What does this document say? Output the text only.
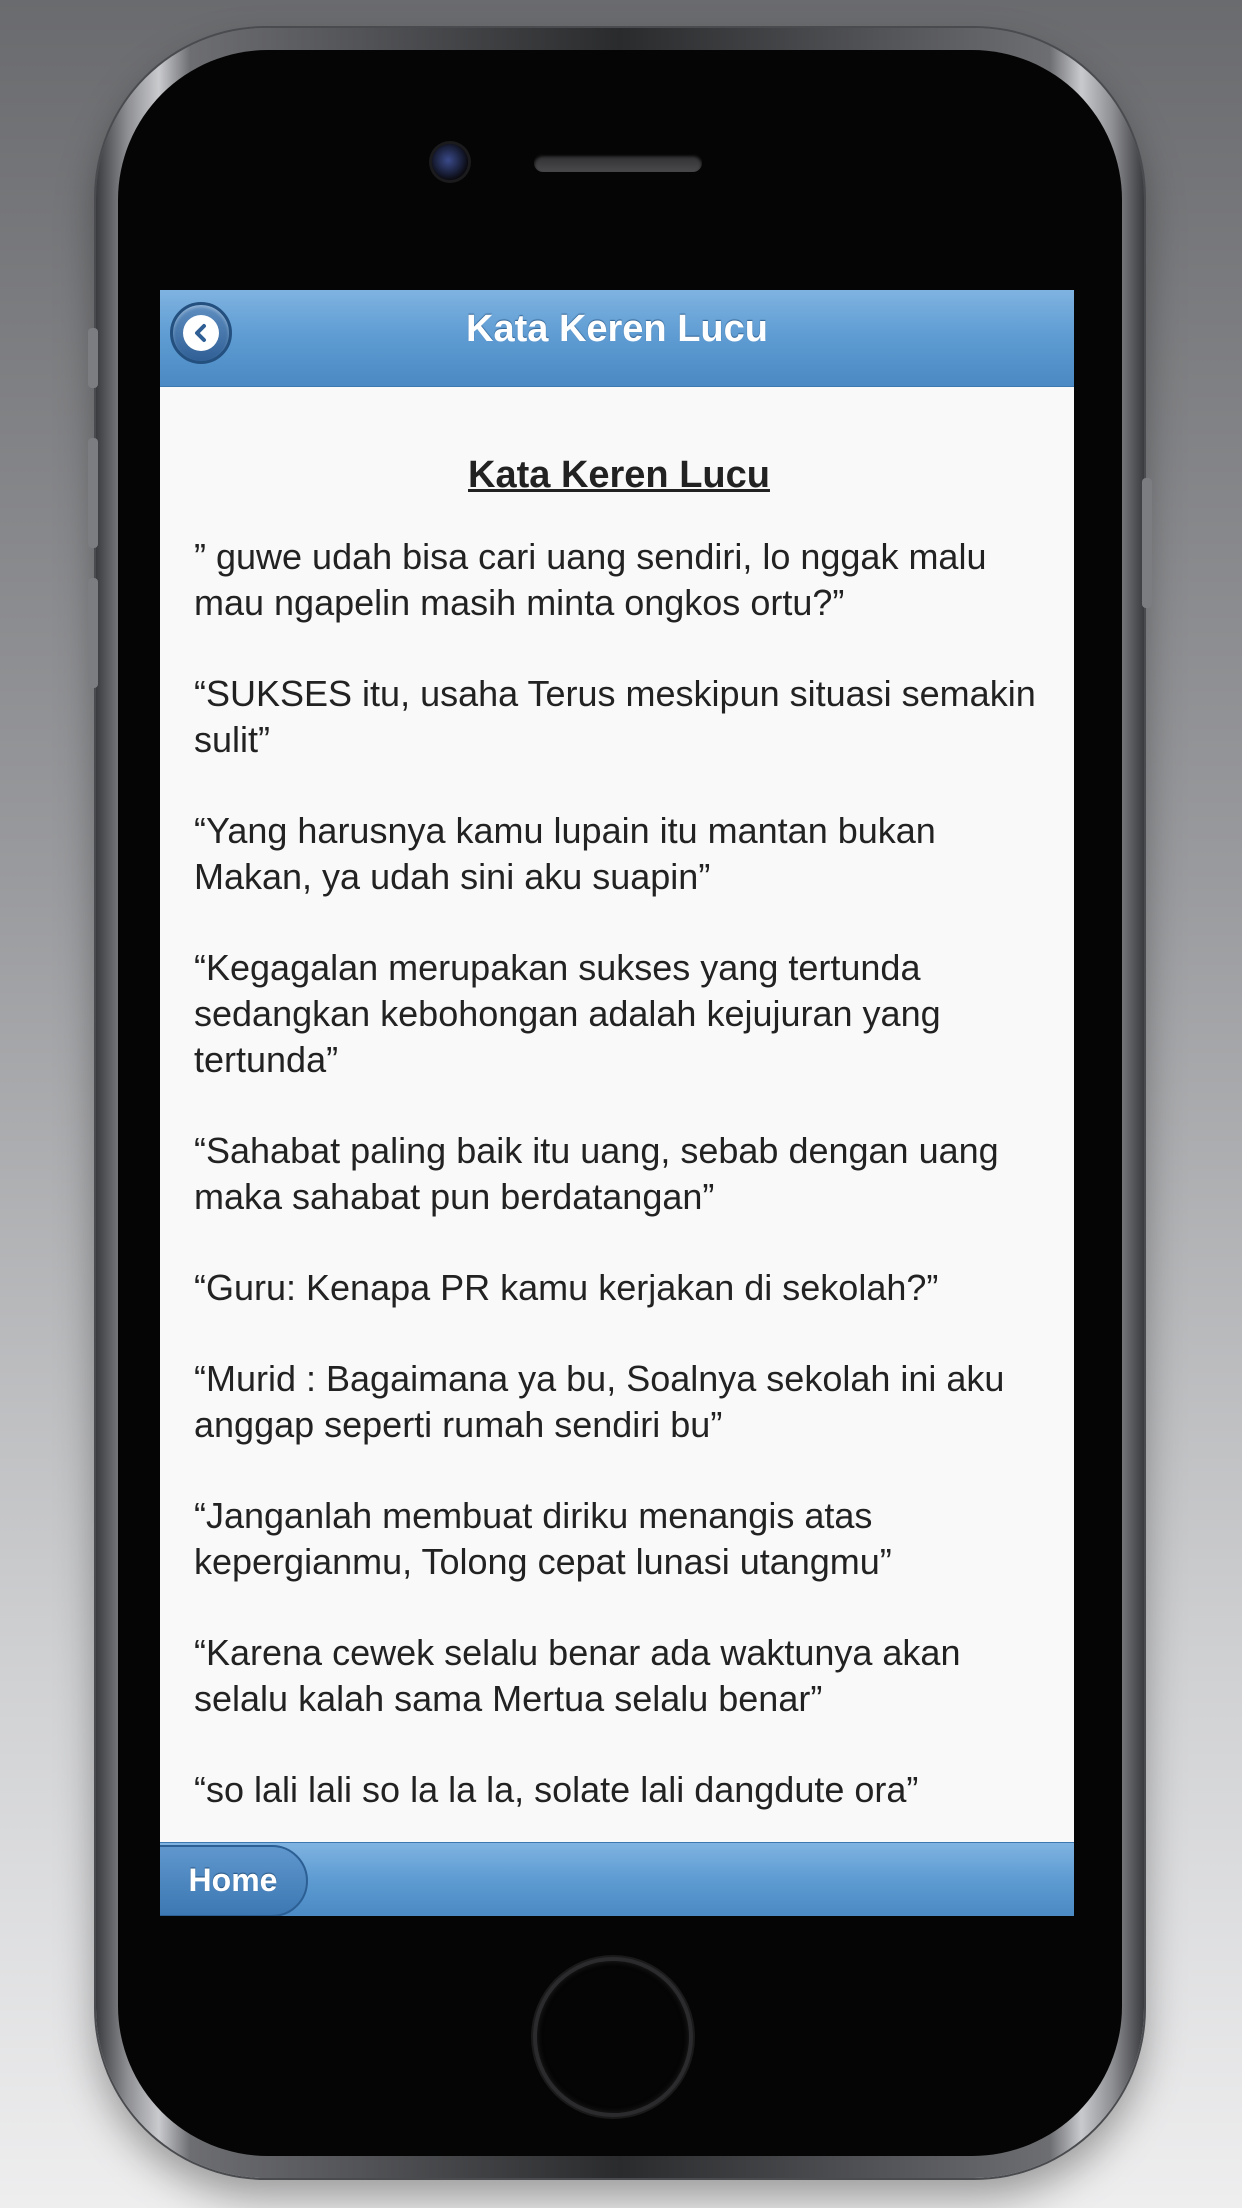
Kata Keren Lucu
Kata Keren Lucu

” guwe udah bisa cari uang sendiri, lo nggak malu mau ngapelin masih minta ongkos ortu?”

“SUKSES itu, usaha Terus meskipun situasi semakin sulit”

“Yang harusnya kamu lupain itu mantan bukan Makan, ya udah sini aku suapin”

“Kegagalan merupakan sukses yang tertunda sedangkan kebohongan adalah kejujuran yang tertunda”

“Sahabat paling baik itu uang, sebab dengan uang maka sahabat pun berdatangan”

“Guru: Kenapa PR kamu kerjakan di sekolah?”

“Murid : Bagaimana ya bu, Soalnya sekolah ini aku anggap seperti rumah sendiri bu”

“Janganlah membuat diriku menangis atas kepergianmu, Tolong cepat lunasi utangmu”

“Karena cewek selalu benar ada waktunya akan selalu kalah sama Mertua selalu benar”

“so lali lali so la la la, solate lali dangdute ora”

Home
